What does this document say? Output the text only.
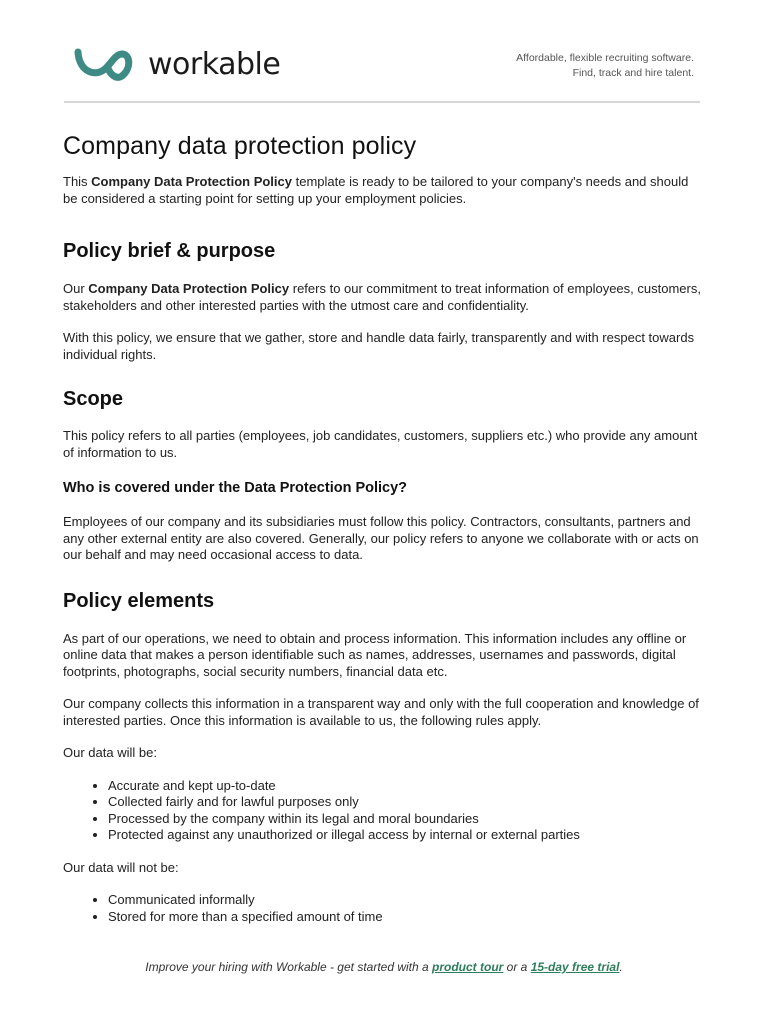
workable	Affordable, flexible recruiting software.
Find, track and hire talent.
Company data protection policy

This Company Data Protection Policy template is ready to be tailored to your company's needs and should be considered a starting point for setting up your employment policies.

Policy brief & purpose

Our Company Data Protection Policy refers to our commitment to treat information of employees, customers, stakeholders and other interested parties with the utmost care and confidentiality.

With this policy, we ensure that we gather, store and handle data fairly, transparently and with respect towards individual rights.

Scope

This policy refers to all parties (employees, job candidates, customers, suppliers etc.) who provide any amount of information to us.

Who is covered under the Data Protection Policy?

Employees of our company and its subsidiaries must follow this policy. Contractors, consultants, partners and any other external entity are also covered. Generally, our policy refers to anyone we collaborate with or acts on our behalf and may need occasional access to data.

Policy elements

As part of our operations, we need to obtain and process information. This information includes any offline or online data that makes a person identifiable such as names, addresses, usernames and passwords, digital footprints, photographs, social security numbers, financial data etc.

Our company collects this information in a transparent way and only with the full cooperation and knowledge of interested parties. Once this information is available to us, the following rules apply.

Our data will be:

• Accurate and kept up-to-date
• Collected fairly and for lawful purposes only
• Processed by the company within its legal and moral boundaries
• Protected against any unauthorized or illegal access by internal or external parties

Our data will not be:

• Communicated informally
• Stored for more than a specified amount of time
Improve your hiring with Workable - get started with a product tour or a 15-day free trial.
